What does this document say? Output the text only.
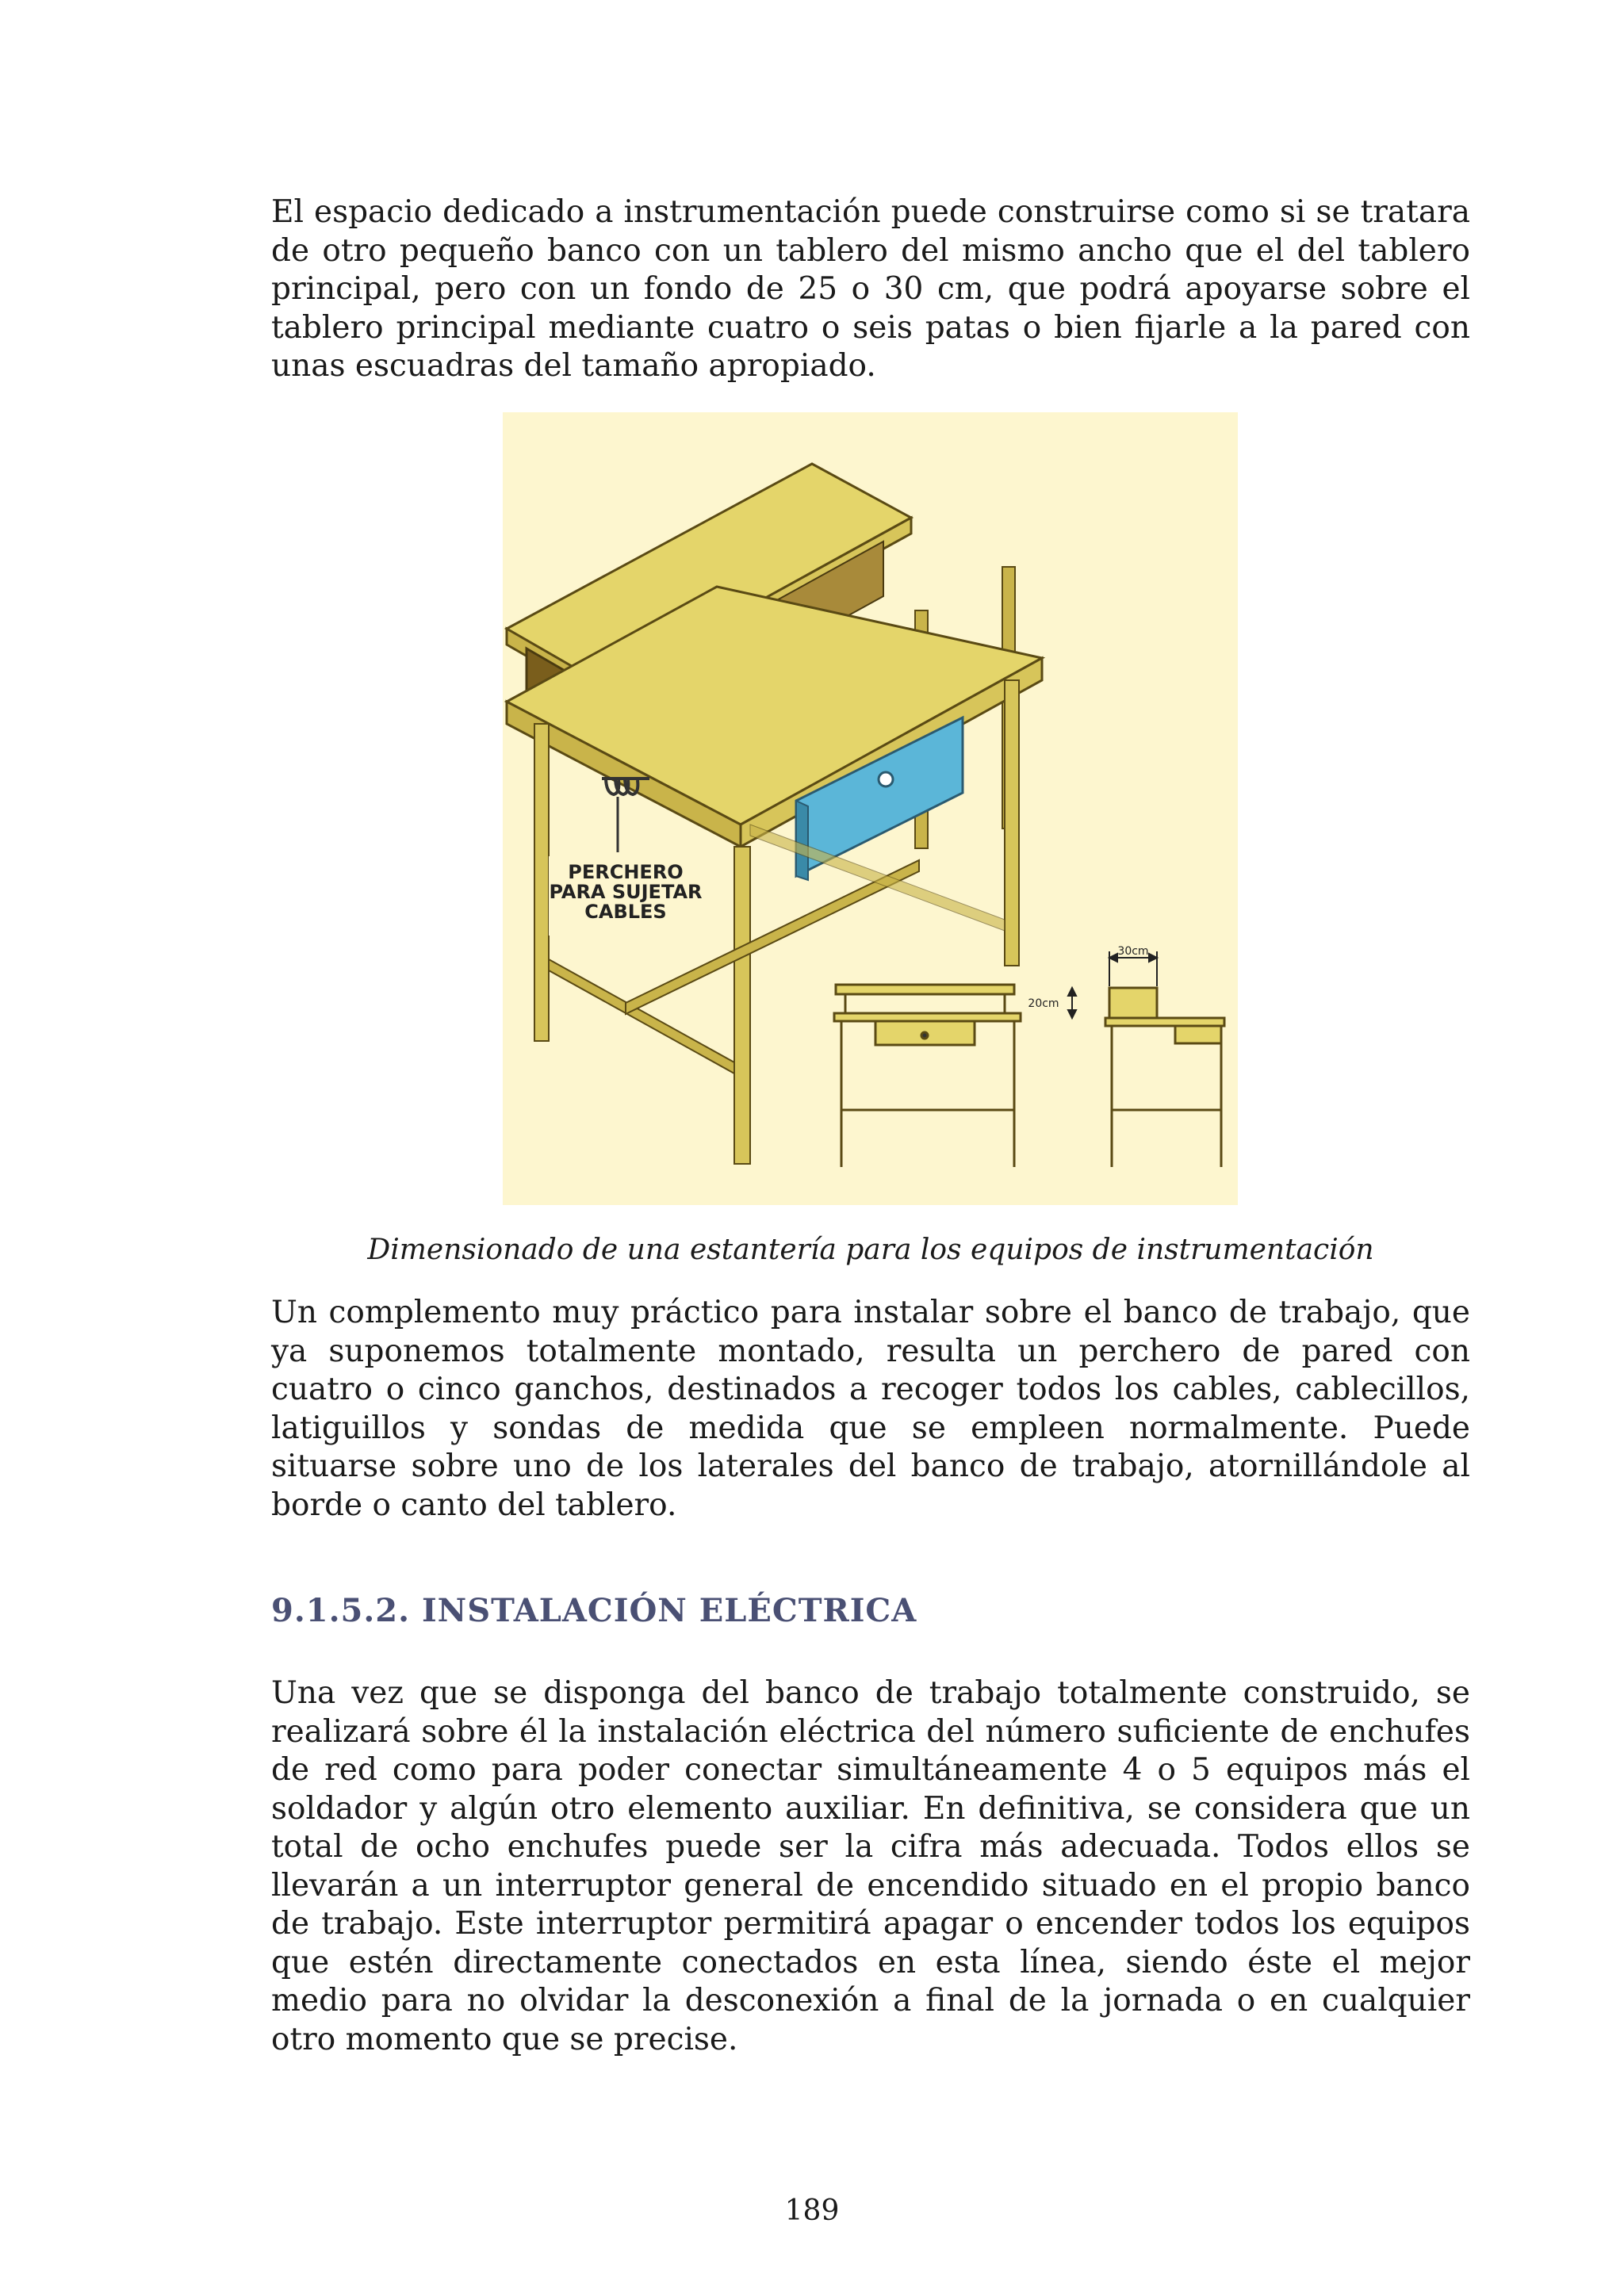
El espacio dedicado a instrumentación puede construirse como si se tratara de otro pequeño banco con un tablero del mismo ancho que el del tablero principal, pero con un fondo de 25 o 30 cm, que podrá apoyarse sobre el tablero principal mediante cuatro o seis patas o bien fijarle a la pared con unas escuadras del tamaño apropiado.

PERCHERO
PARA SUJETAR
CABLES
30cm
20cm

Dimensionado de una estantería para los equipos de instrumentación

Un complemento muy práctico para instalar sobre el banco de trabajo, que ya suponemos totalmente montado, resulta un perchero de pared con cuatro o cinco ganchos, destinados a recoger todos los cables, cablecillos, latiguillos y sondas de medida que se empleen normalmente. Puede situarse sobre uno de los laterales del banco de trabajo, atornillándole al borde o canto del tablero.

9.1.5.2. INSTALACIÓN ELÉCTRICA

Una vez que se disponga del banco de trabajo totalmente construido, se realizará sobre él la instalación eléctrica del número suficiente de enchufes de red como para poder conectar simultáneamente 4 o 5 equipos más el soldador y algún otro elemento auxiliar. En definitiva, se considera que un total de ocho enchufes puede ser la cifra más adecuada. Todos ellos se llevarán a un interruptor general de encendido situado en el propio banco de trabajo. Este interruptor permitirá apagar o encender todos los equipos que estén directamente conectados en esta línea, siendo éste el mejor medio para no olvidar la desconexión a final de la jornada o en cualquier otro momento que se precise.

189
